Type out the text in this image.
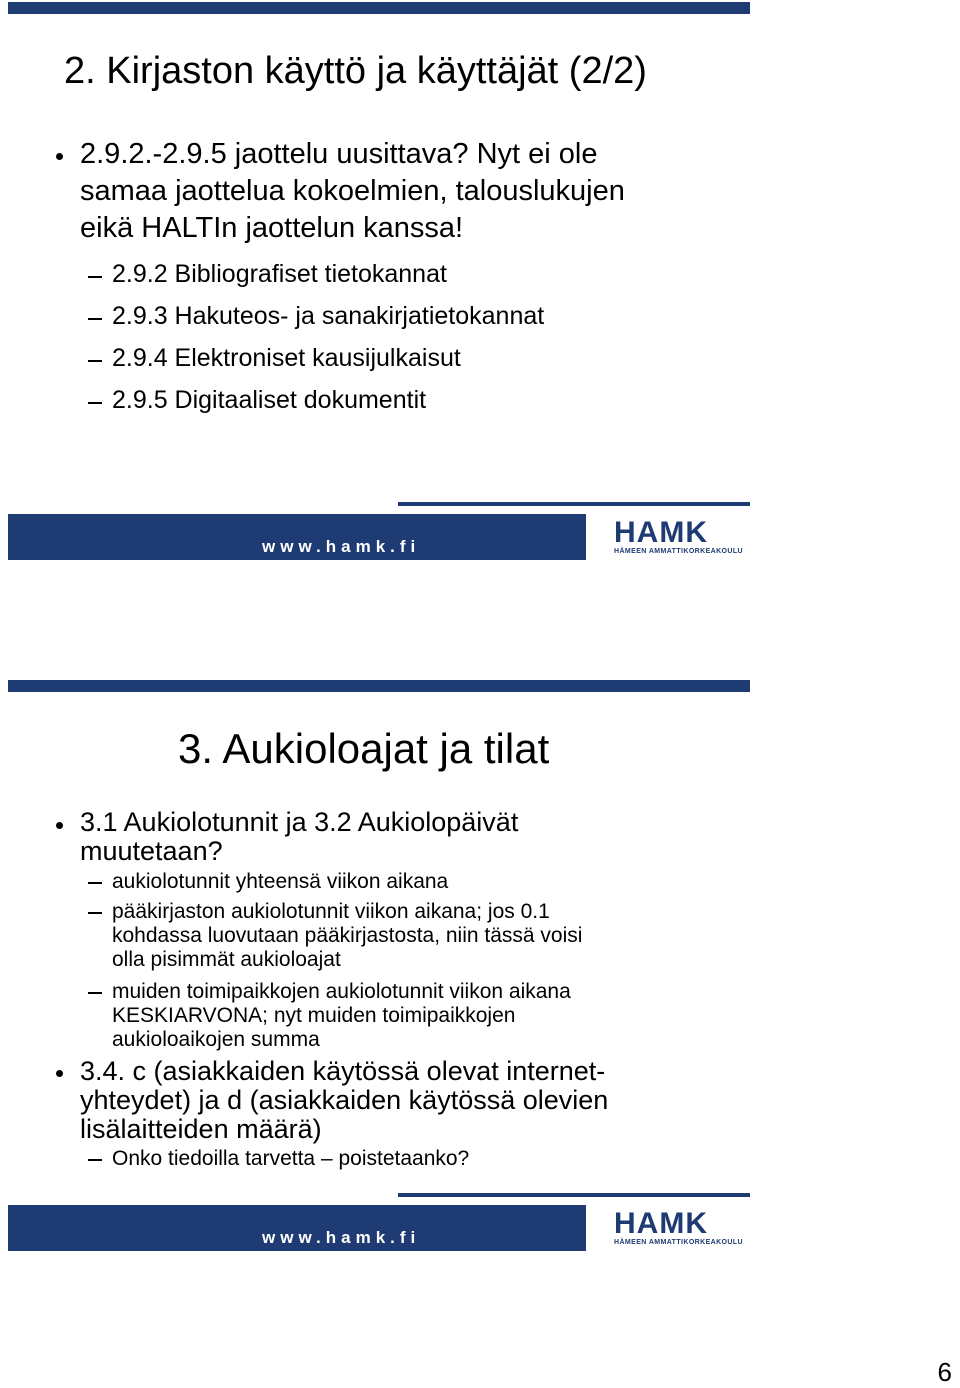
2. Kirjaston käyttö ja käyttäjät (2/2)
2.9.2.-2.9.5 jaottelu uusittava? Nyt ei ole
samaa jaottelua kokoelmien, talouslukujen
eikä HALTIn jaottelun kanssa!
2.9.2 Bibliografiset tietokannat
2.9.3 Hakuteos- ja sanakirjatietokannat
2.9.4 Elektroniset kausijulkaisut
2.9.5 Digitaaliset dokumentit
www.hamk.fi	HAMK
HÄMEEN AMMATTIKORKEAKOULU
3. Aukioloajat ja tilat
3.1 Aukiolotunnit ja 3.2 Aukiolopäivät
muutetaan?
aukiolotunnit yhteensä viikon aikana
pääkirjaston aukiolotunnit viikon aikana; jos 0.1
kohdassa luovutaan pääkirjastosta, niin tässä voisi
olla pisimmät aukioloajat
muiden toimipaikkojen aukiolotunnit viikon aikana
KESKIARVONA; nyt muiden toimipaikkojen
aukioloaikojen summa
3.4. c (asiakkaiden käytössä olevat internet-
yhteydet) ja d (asiakkaiden käytössä olevien
lisälaitteiden määrä)
Onko tiedoilla tarvetta – poistetaanko?
www.hamk.fi	HAMK
HÄMEEN AMMATTIKORKEAKOULU
6
